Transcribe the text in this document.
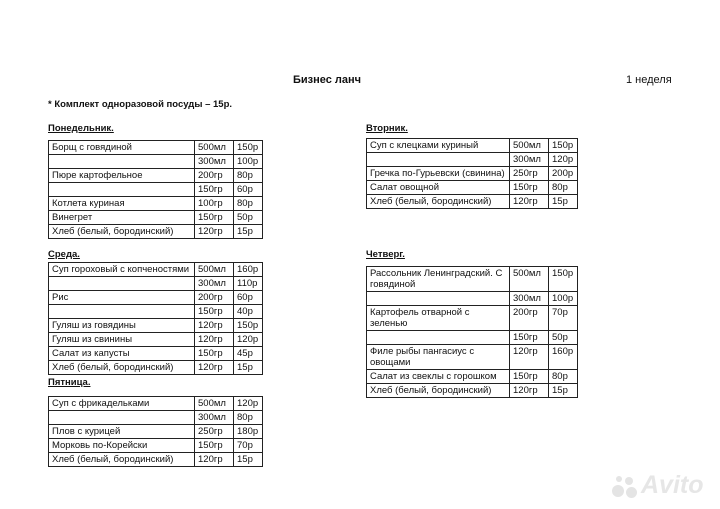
Бизнес ланч	1 неделя
* Комплект одноразовой посуды – 15р.
Понедельник.
Борщ с говядиной	500мл	150р
	300мл	100р
Пюре картофельное	200гр	80р
	150гр	60р
Котлета куриная	100гр	80р
Винегрет	150гр	50р
Хлеб (белый, бородинский)	120гр	15р
Вторник.
Суп с клецками куриный	500мл	150р
	300мл	120р
Гречка по-Гурьевски (свинина)	250гр	200р
Салат овощной	150гр	80р
Хлеб (белый, бородинский)	120гр	15р
Среда.
Суп гороховый с копченостями	500мл	160р
	300мл	110р
Рис	200гр	60р
	150гр	40р
Гуляш из говядины	120гр	150р
Гуляш из свинины	120гр	120р
Салат из капусты	150гр	45р
Хлеб (белый, бородинский)	120гр	15р
Четверг.
Рассольник Ленинградский. С говядиной	500мл	150р
	300мл	100р
Картофель отварной с зеленью	200гр	70р
	150гр	50р
Филе рыбы пангасиус с овощами	120гр	160р
Салат из свеклы с горошком	150гр	80р
Хлеб (белый, бородинский)	120гр	15р
Пятница.
Суп с фрикадельками	500мл	120р
	300мл	80р
Плов с курицей	250гр	180р
Морковь по-Корейски	150гр	70р
Хлеб (белый, бородинский)	120гр	15р
Avito
